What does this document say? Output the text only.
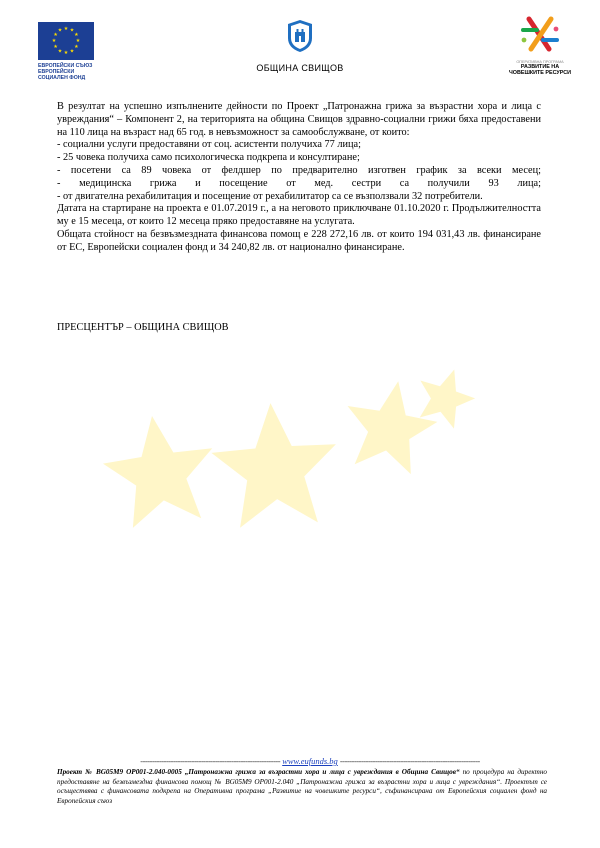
★ ★
★
★
★
★
★
★
★
★
★
★
ЕВРОПЕЙСКИ СЪЮЗ
ЕВРОПЕЙСКИ
СОЦИАЛЕН ФОНД
ОБЩИНА СВИЩОВ
ОПЕРАТИВНА ПРОГРАМА
РАЗВИТИЕ НА
ЧОВЕШКИТЕ РЕСУРСИ

В резултат на успешно изпълнените дейности по Проект „Патронажна грижа за възрастни хора и лица с увреждания“ – Компонент 2, на територията на община Свищов здравно-социални грижи бяха предоставени на 110 лица на възраст над 65 год. в невъзможност за самообслужване, от които:

- социални услуги предоставяни от соц. асистенти получиха 77 лица;
- 25 човека получиха само психологическа подкрепа и консултиране;
- посетени са 89 човека от фелдшер по предварително изготвен график за всеки месец;
- медицинска грижа и посещение от мед. сестри са получили 93 лица;

- от двигателна рехабилитация и посещение от рехабилитатор са се възползвали 32 потребители.

Датата на стартиране на проекта е 01.07.2019 г., а на неговото приключване 01.10.2020 г. Продължителността му е 15 месеца, от които 12 месеца пряко предоставяне на услугата.

Общата стойност на безвъзмездната финансова помощ е 228 272,16 лв. от които 194 031,43 лв. финансиране от ЕС, Европейски социален фонд и 34 240,82 лв. от национално финансиране.

ПРЕСЦЕНТЪР – ОБЩИНА СВИЩОВ
------------------------------------------------------------ www.eufunds.bg ------------------------------------------------------------
Проект № BG05M9 OP001-2.040-0005 „Патронажна грижа за възрастни хора и лица с увреждания в Община Свищов“ по процедура на директно предоставяне на безвъзмездна финансова помощ № BG05M9 OP001-2.040 „Патронажна грижа за възрастни хора и лица с увреждания“. Проектът се осъществява с финансовата подкрепа на Оперативна програма „Развитие на човешките ресурси“, съфинансирана от Европейския социален фонд на Европейския съюз
